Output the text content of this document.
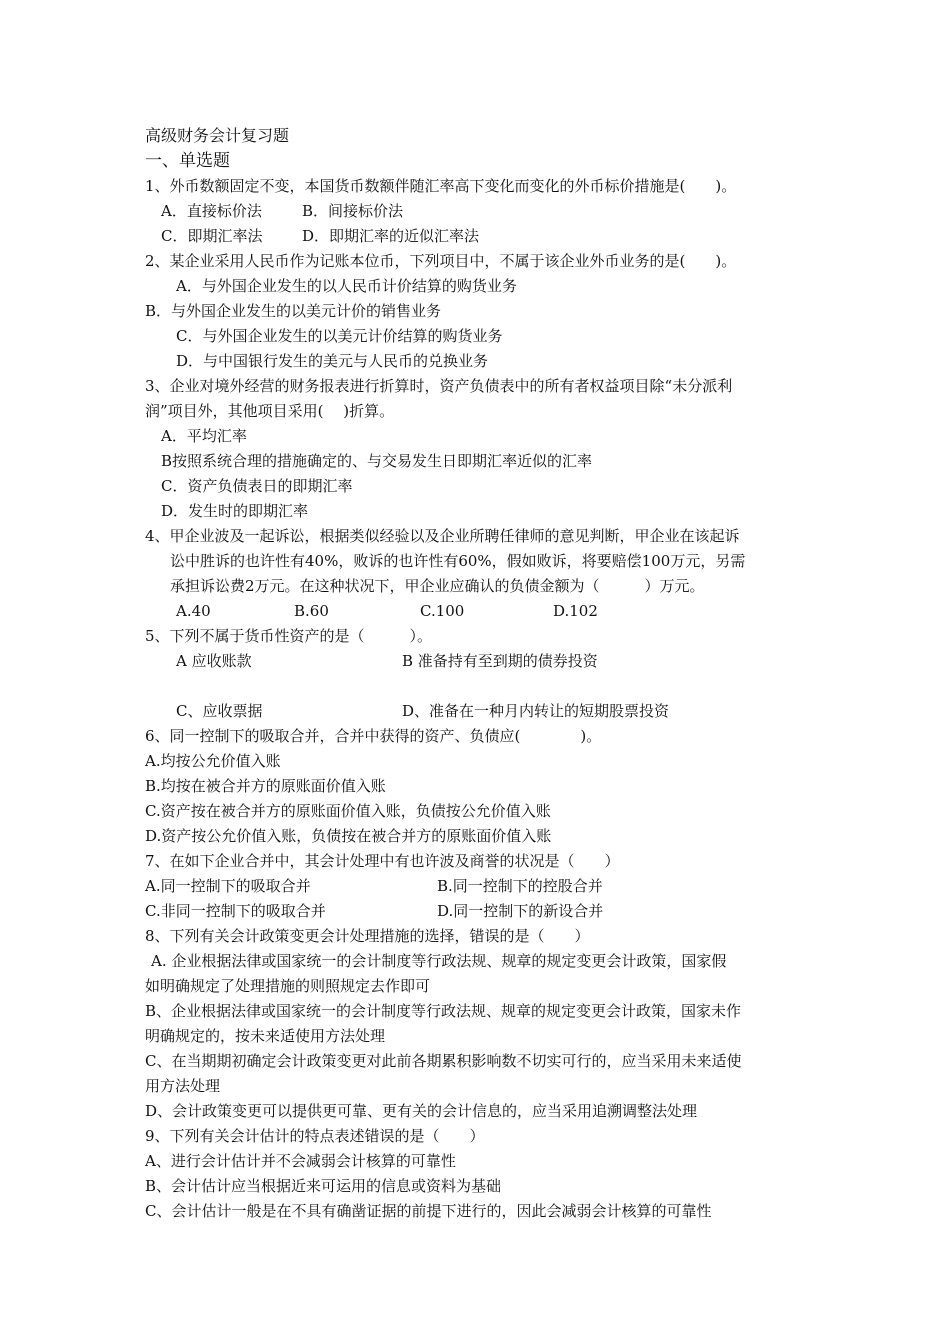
高级财务会计复习题
一、单选题
1、外币数额固定不变，本国货币数额伴随汇率高下变化而变化的外币标价措施是(　　)。
A．直接标价法	B．间接标价法
C．即期汇率法	D．即期汇率的近似汇率法
2、某企业采用人民币作为记账本位币，下列项目中，不属于该企业外币业务的是(　　)。
A．与外国企业发生的以人民币计价结算的购货业务
B．与外国企业发生的以美元计价的销售业务
C．与外国企业发生的以美元计价结算的购货业务
D．与中国银行发生的美元与人民币的兑换业务
3、企业对境外经营的财务报表进行折算时，资产负债表中的所有者权益项目除“未分派利
润”项目外，其他项目采用(　 )折算。
A．平均汇率
B按照系统合理的措施确定的、与交易发生日即期汇率近似的汇率
C．资产负债表日的即期汇率
D．发生时的即期汇率
4、甲企业波及一起诉讼，根据类似经验以及企业所聘任律师的意见判断，甲企业在该起诉
讼中胜诉的也许性有40%，败诉的也许性有60%，假如败诉，将要赔偿100万元，另需
承担诉讼费2万元。在这种状况下，甲企业应确认的负债金额为（　　　）万元。
A.40	B.60	C.100	D.102
5、下列不属于货币性资产的是（　　　）。
A 应收账款	B 准备持有至到期的债券投资
C、应收票据	D、准备在一种月内转让的短期股票投资
6、同一控制下的吸取合并，合并中获得的资产、负债应(　　　　)。
A.均按公允价值入账
B.均按在被合并方的原账面价值入账
C.资产按在被合并方的原账面价值入账，负债按公允价值入账
D.资产按公允价值入账，负债按在被合并方的原账面价值入账
7、在如下企业合并中，其会计处理中有也许波及商誉的状况是（　　）
A.同一控制下的吸取合并	B.同一控制下的控股合并
C.非同一控制下的吸取合并	D.同一控制下的新设合并
8、下列有关会计政策变更会计处理措施的选择，错误的是（　　）
A. 企业根据法律或国家统一的会计制度等行政法规、规章的规定变更会计政策，国家假
如明确规定了处理措施的则照规定去作即可
B、企业根据法律或国家统一的会计制度等行政法规、规章的规定变更会计政策，国家未作
明确规定的，按未来适使用方法处理
C、在当期期初确定会计政策变更对此前各期累积影响数不切实可行的，应当采用未来适使
用方法处理
D、会计政策变更可以提供更可靠、更有关的会计信息的，应当采用追溯调整法处理
9、下列有关会计估计的特点表述错误的是（　　）
A、进行会计估计并不会减弱会计核算的可靠性
B、会计估计应当根据近来可运用的信息或资料为基础
C、会计估计一般是在不具有确凿证据的前提下进行的，因此会减弱会计核算的可靠性
